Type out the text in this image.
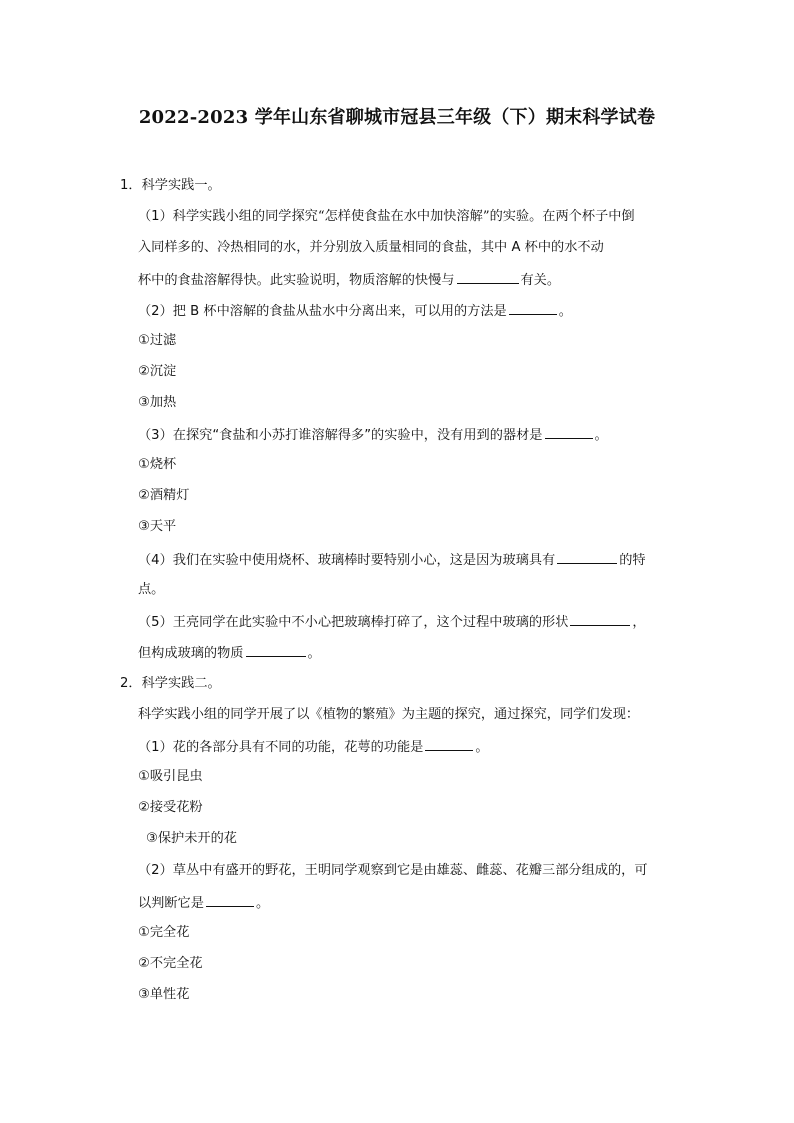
2022-2023 学年山东省聊城市冠县三年级（下）期末科学试卷
1．科学实践一。
（1）科学实践小组的同学探究“怎样使食盐在水中加快溶解”的实验。在两个杯子中倒
入同样多的、冷热相同的水，并分别放入质量相同的食盐，其中 A 杯中的水不动
杯中的食盐溶解得快。此实验说明，物质溶解的快慢与	有关。
（2）把 B 杯中溶解的食盐从盐水中分离出来，可以用的方法是	。
①过滤
②沉淀
③加热
（3）在探究“食盐和小苏打谁溶解得多”的实验中，没有用到的器材是	。
①烧杯
②酒精灯
③天平
（4）我们在实验中使用烧杯、玻璃棒时要特别小心，这是因为玻璃具有	的特
点。
（5）王亮同学在此实验中不小心把玻璃棒打碎了，这个过程中玻璃的形状	，
但构成玻璃的物质	。
2．科学实践二。
科学实践小组的同学开展了以《植物的繁殖》为主题的探究，通过探究，同学们发现：
（1）花的各部分具有不同的功能，花萼的功能是	。
①吸引昆虫
②接受花粉
③保护未开的花
（2）草丛中有盛开的野花，王明同学观察到它是由雄蕊、雌蕊、花瓣三部分组成的，可
以判断它是	。
①完全花
②不完全花
③单性花
